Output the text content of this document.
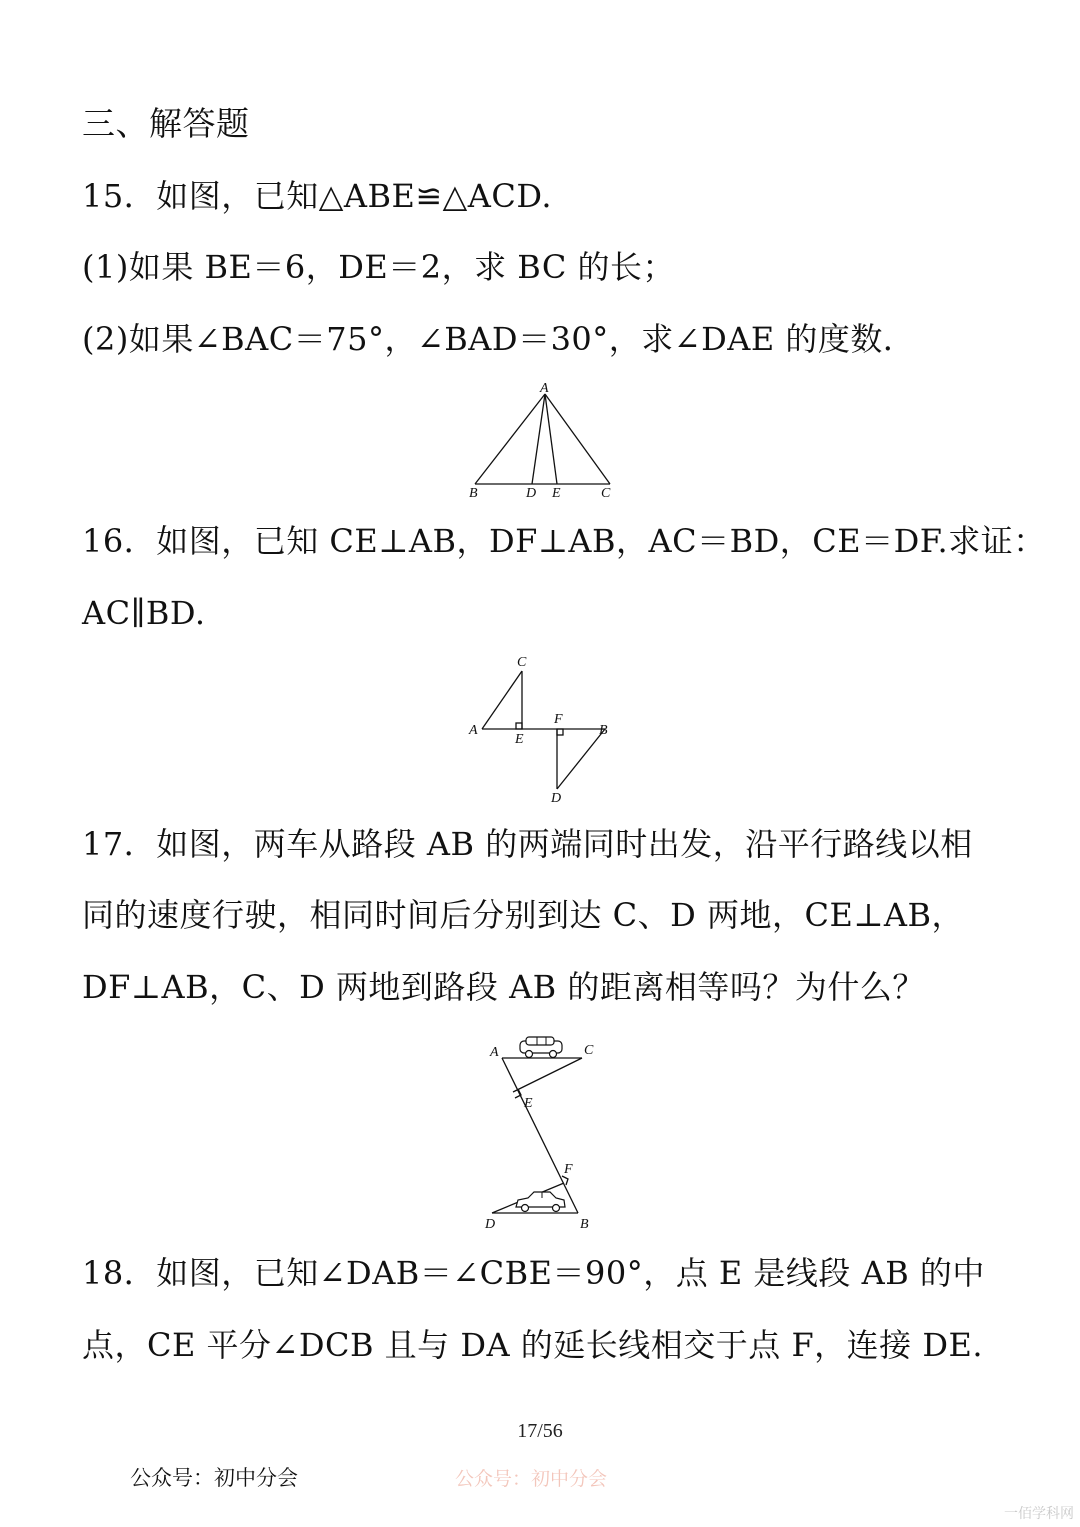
三、解答题
15．如图，已知△ABE≌△ACD.
(1)如果 BE＝6，DE＝2，求 BC 的长；
(2)如果∠BAC＝75°，∠BAD＝30°，求∠DAE 的度数．
A
B	D E	C
16．如图，已知 CE⊥AB，DF⊥AB，AC＝BD，CE＝DF.求证：
AC∥BD.
C
A
E
F
B
D
17．如图，两车从路段 AB 的两端同时出发，沿平行路线以相
同的速度行驶，相同时间后分别到达 C、D 两地，CE⊥AB，
DF⊥AB，C、D 两地到路段 AB 的距离相等吗？为什么？
A	C
E
F
D	B
18．如图，已知∠DAB＝∠CBE＝90°，点 E 是线段 AB 的中
点，CE 平分∠DCB 且与 DA 的延长线相交于点 F，连接 DE.
17/56
公众号：初中分会	公众号：初中分会
一佰学科网
